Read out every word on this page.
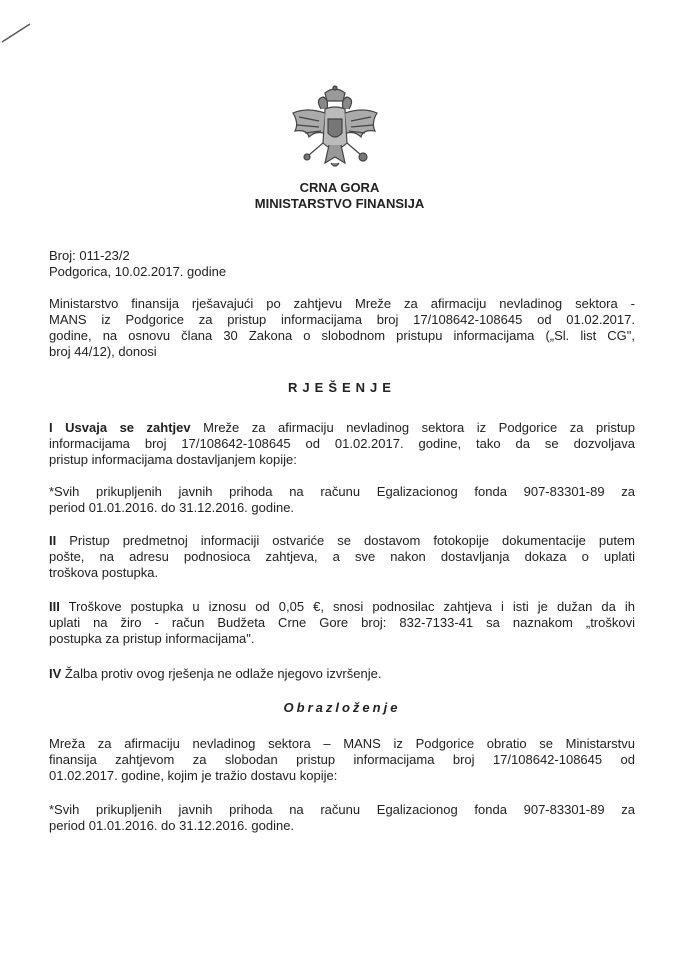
CRNA GORA
MINISTARSTVO FINANSIJA
Broj: 011-23/2
Podgorica, 10.02.2017. godine
Ministarstvo finansija rješavajući po zahtjevu Mreže za afirmaciju nevladinog sektora -
MANS iz Podgorice za pristup informacijama broj 17/108642-108645 od 01.02.2017.
godine, na osnovu člana 30 Zakona o slobodnom pristupu informacijama („Sl. list CG",
broj 44/12), donosi
RJEŠENJE
I Usvaja se zahtjev Mreže za afirmaciju nevladinog sektora iz Podgorice za pristup
informacijama broj 17/108642-108645 od 01.02.2017. godine, tako da se dozvoljava
pristup informacijama dostavljanjem kopije:
*Svih prikupljenih javnih prihoda na računu Egalizacionog fonda 907-83301-89 za
period 01.01.2016. do 31.12.2016. godine.
II Pristup predmetnoj informaciji ostvariće se dostavom fotokopije dokumentacije putem
pošte, na adresu podnosioca zahtjeva, a sve nakon dostavljanja dokaza o uplati
troškova postupka.
III Troškove postupka u iznosu od 0,05 €, snosi podnosilac zahtjeva i isti je dužan da ih
uplati na žiro - račun Budžeta Crne Gore broj: 832-7133-41 sa naznakom „troškovi
postupka za pristup informacijama".
IV Žalba protiv ovog rješenja ne odlaže njegovo izvršenje.
Obrazloženje
Mreža za afirmaciju nevladinog sektora – MANS iz Podgorice obratio se Ministarstvu
finansija zahtjevom za slobodan pristup informacijama broj 17/108642-108645 od
01.02.2017. godine, kojim je tražio dostavu kopije:
*Svih prikupljenih javnih prihoda na računu Egalizacionog fonda 907-83301-89 za
period 01.01.2016. do 31.12.2016. godine.
